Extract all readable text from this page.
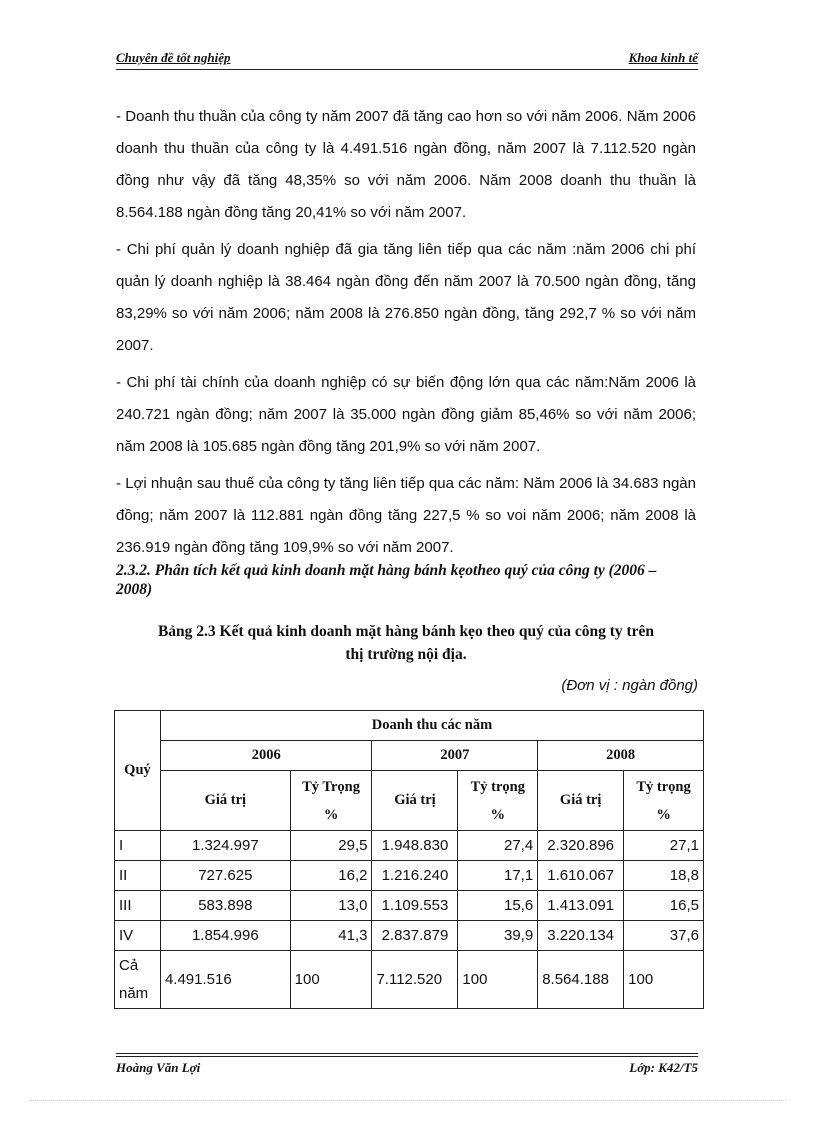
Chuyên đề tốt nghiệp	Khoa kinh tế

- Doanh thu thuần của công ty năm 2007 đã tăng cao hơn so với năm 2006. Năm 2006 doanh thu thuần của công ty là 4.491.516 ngàn đồng, năm 2007 là 7.112.520 ngàn đồng như vậy đã tăng 48,35% so với năm 2006. Năm 2008 doanh thu thuần là 8.564.188 ngàn đồng tăng 20,41% so với năm 2007.

- Chi phí quản lý doanh nghiệp đã gia tăng liên tiếp qua các năm :năm 2006 chi phí quản lý doanh nghiệp là 38.464 ngàn đồng đến năm 2007 là 70.500 ngàn đồng, tăng 83,29% so với năm 2006; năm 2008 là 276.850 ngàn đồng, tăng 292,7 % so với năm 2007.

- Chi phí tài chính của doanh nghiệp có sự biến động lớn qua các năm:Năm 2006 là 240.721 ngàn đồng; năm 2007 là 35.000 ngàn đồng giảm 85,46% so với năm 2006; năm 2008 là 105.685 ngàn đồng tăng 201,9% so với năm 2007.

- Lợi nhuận sau thuế của công ty tăng liên tiếp qua các năm: Năm 2006 là 34.683 ngàn đồng; năm 2007 là 112.881 ngàn đồng tăng 227,5 % so voi năm 2006; năm 2008 là 236.919 ngàn đồng tăng 109,9% so với năm 2007.

2.3.2. Phân tích kết quả kinh doanh mặt hàng bánh kẹotheo quý của công ty (2006 – 2008)
Bảng 2.3 Kết quả kinh doanh mặt hàng bánh kẹo theo quý của công ty trên
thị trường nội địa.
(Đơn vị : ngàn đồng)
Quý	Doanh thu các năm					
	2006		2007		2008	
	Giá trị	Tỷ Trọng %	Giá trị	Tỷ trọng %	Giá trị	Tỷ trọng %
I	1.324.997	29,5	1.948.830	27,4	2.320.896	27,1
II	727.625	16,2	1.216.240	17,1	1.610.067	18,8
III	583.898	13,0	1.109.553	15,6	1.413.091	16,5
IV	1.854.996	41,3	2.837.879	39,9	3.220.134	37,6
Cả năm	4.491.516	100	7.112.520	100	8.564.188	100
Hoàng Văn Lợi	Lớp: K42/T5
